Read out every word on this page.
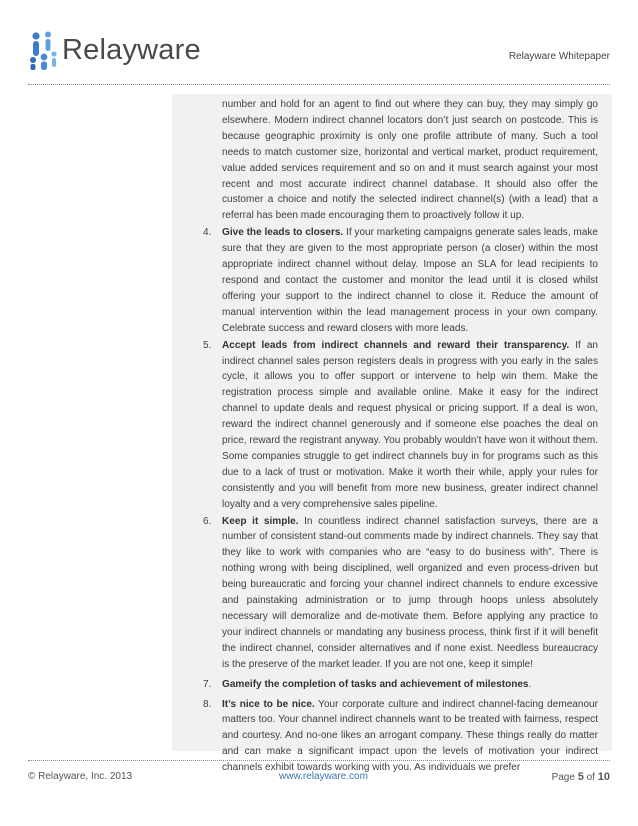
Relayware	Relayware Whitepaper
number and hold for an agent to find out where they can buy, they may simply go elsewhere. Modern indirect channel locators don’t just search on postcode. This is because geographic proximity is only one profile attribute of many. Such a tool needs to match customer size, horizontal and vertical market, product requirement, value added services requirement and so on and it must search against your most recent and most accurate indirect channel database. It should also offer the customer a choice and notify the selected indirect channel(s) (with a lead) that a referral has been made encouraging them to proactively follow it up.
4. Give the leads to closers. If your marketing campaigns generate sales leads, make sure that they are given to the most appropriate person (a closer) within the most appropriate indirect channel without delay. Impose an SLA for lead recipients to respond and contact the customer and monitor the lead until it is closed whilst offering your support to the indirect channel to close it. Reduce the amount of manual intervention within the lead management process in your own company. Celebrate success and reward closers with more leads.
5. Accept leads from indirect channels and reward their transparency. If an indirect channel sales person registers deals in progress with you early in the sales cycle, it allows you to offer support or intervene to help win them. Make the registration process simple and available online. Make it easy for the indirect channel to update deals and request physical or pricing support. If a deal is won, reward the indirect channel generously and if someone else poaches the deal on price, reward the registrant anyway. You probably wouldn’t have won it without them. Some companies struggle to get indirect channels buy in for programs such as this due to a lack of trust or motivation. Make it worth their while, apply your rules for consistently and you will benefit from more new business, greater indirect channel loyalty and a very comprehensive sales pipeline.
6. Keep it simple. In countless indirect channel satisfaction surveys, there are a number of consistent stand-out comments made by indirect channels. They say that they like to work with companies who are “easy to do business with”. There is nothing wrong with being disciplined, well organized and even process-driven but being bureaucratic and forcing your channel indirect channels to endure excessive and painstaking administration or to jump through hoops unless absolutely necessary will demoralize and de-motivate them. Before applying any practice to your indirect channels or mandating any business process, think first if it will benefit the indirect channel, consider alternatives and if none exist. Needless bureaucracy is the preserve of the market leader. If you are not one, keep it simple!
7. Gameify the completion of tasks and achievement of milestones.
8. It’s nice to be nice. Your corporate culture and indirect channel-facing demeanour matters too. Your channel indirect channels want to be treated with fairness, respect and courtesy. And no-one likes an arrogant company. These things really do matter and can make a significant impact upon the levels of motivation your indirect channels exhibit towards working with you. As individuals we prefer
© Relayware, Inc. 2013	www.relayware.com	Page 5 of 10
